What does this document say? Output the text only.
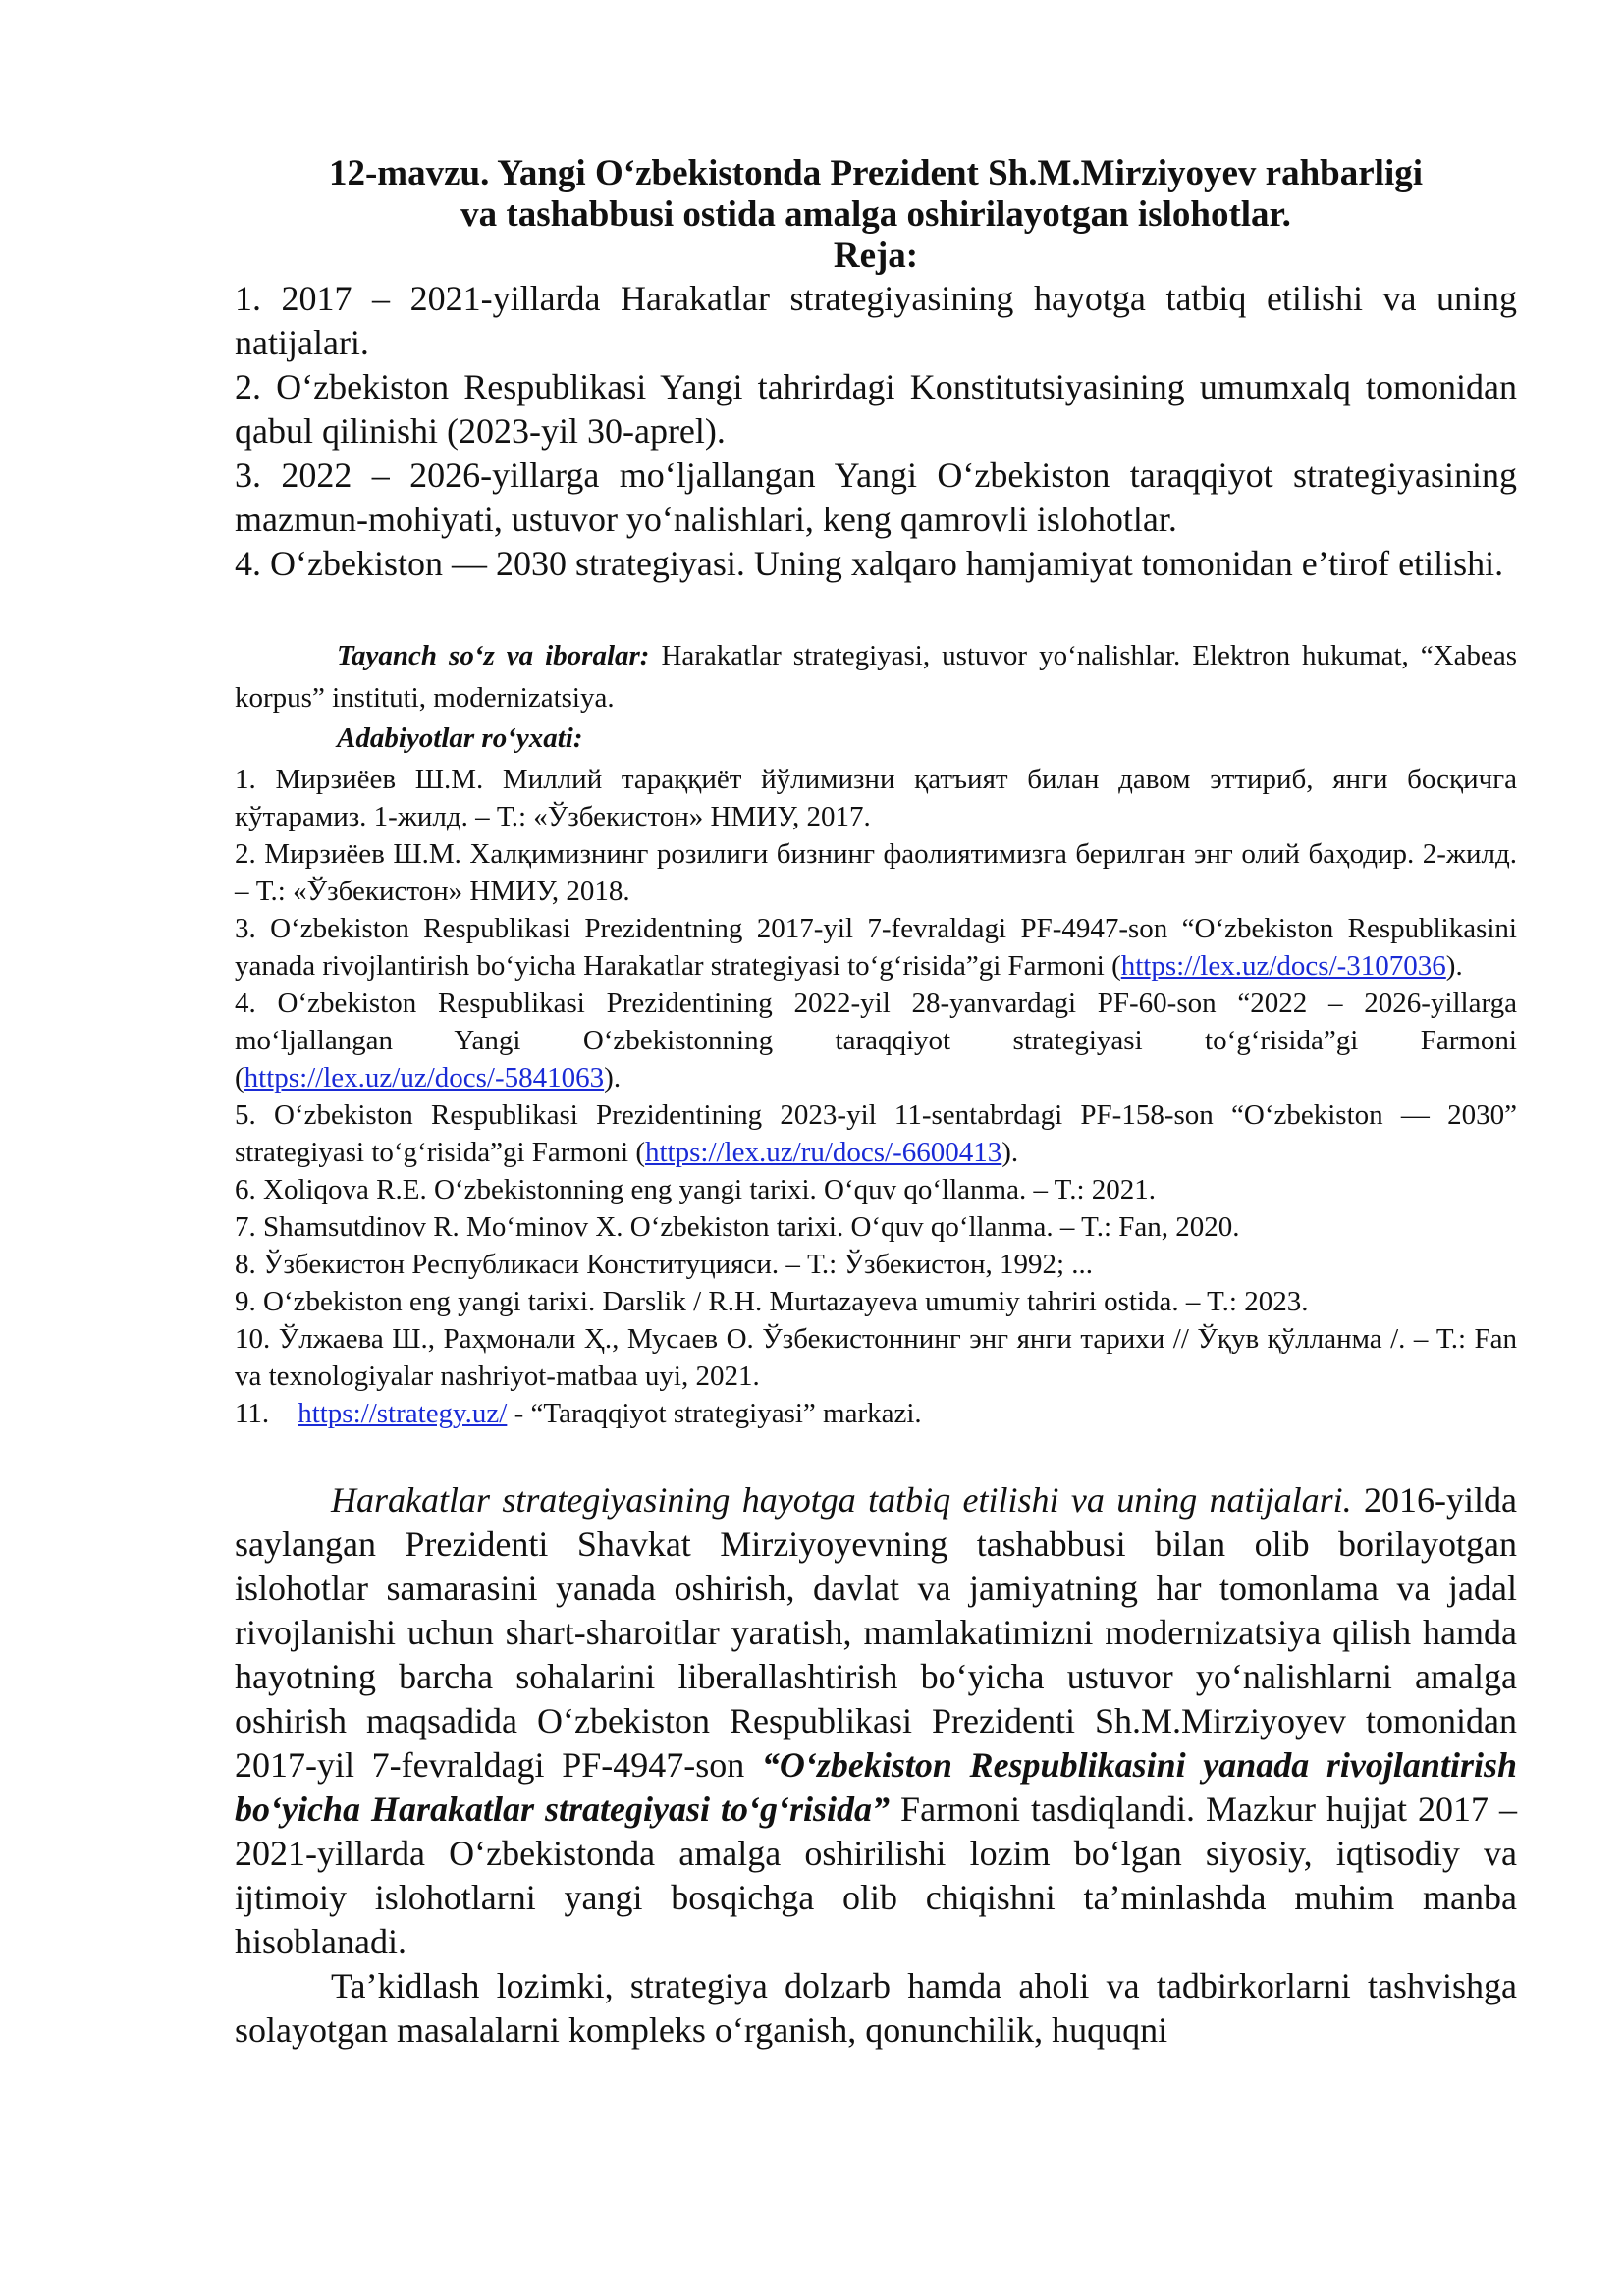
12-mavzu. Yangi O‘zbekistonda Prezident Sh.M.Mirziyoyev rahbarligi
va tashabbusi ostida amalga oshirilayotgan islohotlar.
Reja:
1. 2017 – 2021-yillarda Harakatlar strategiyasining hayotga tatbiq etilishi va uning natijalari.
2. O‘zbekiston Respublikasi Yangi tahrirdagi Konstitutsiyasining umumxalq tomonidan qabul qilinishi (2023-yil 30-aprel).
3. 2022 – 2026-yillarga mo‘ljallangan Yangi O‘zbekiston taraqqiyot strategiyasining mazmun-mohiyati, ustuvor yo‘nalishlari, keng qamrovli islohotlar.
4. O‘zbekiston — 2030 strategiyasi. Uning xalqaro hamjamiyat tomonidan e’tirof etilishi.
Tayanch so‘z va iboralar: Harakatlar strategiyasi, ustuvor yo‘nalishlar. Elektron hukumat, “Xabeas korpus” instituti, modernizatsiya.
Adabiyotlar ro‘yxati:
1. Мирзиёев Ш.М. Миллий тараққиёт йўлимизни қатъият билан давом эттириб, янги босқичга кўтарамиз. 1-жилд. – Т.: «Ўзбекистон» НМИУ, 2017.
2. Мирзиёев Ш.М. Халқимизнинг розилиги бизнинг фаолиятимизга берилган энг олий баҳодир. 2-жилд. – Т.: «Ўзбекистон» НМИУ, 2018.
3. O‘zbekiston Respublikasi Prezidentning 2017-yil 7-fevraldagi PF-4947-son “O‘zbekiston Respublikasini yanada rivojlantirish bo‘yicha Harakatlar strategiyasi to‘g‘risida”gi Farmoni (https://lex.uz/docs/-3107036).
4. O‘zbekiston Respublikasi Prezidentining 2022-yil 28-yanvardagi PF-60-son “2022 – 2026-yillarga mo‘ljallangan Yangi O‘zbekistonning taraqqiyot strategiyasi to‘g‘risida”gi Farmoni (https://lex.uz/uz/docs/-5841063).
5. O‘zbekiston Respublikasi Prezidentining 2023-yil 11-sentabrdagi PF-158-son “O‘zbekiston — 2030” strategiyasi to‘g‘risida”gi Farmoni (https://lex.uz/ru/docs/-6600413).
6. Xoliqova R.E. O‘zbekistonning eng yangi tarixi. O‘quv qo‘llanma. – T.: 2021.
7. Shamsutdinov R. Mo‘minov X. O‘zbekiston tarixi. O‘quv qo‘llanma. – T.: Fan, 2020.
8. Ўзбекистон Республикаси Конституцияси. – Т.: Ўзбекистон, 1992; ...
9. O‘zbekiston eng yangi tarixi. Darslik / R.H. Murtazayeva umumiy tahriri ostida. – T.: 2023.
10. Ўлжаева Ш., Раҳмонали Ҳ., Мусаев О. Ўзбекистоннинг энг янги тарихи // Ўқув қўлланма /. – Т.: Fan va texnologiyalar nashriyot-matbaa uyi, 2021.
11.    https://strategy.uz/ - “Taraqqiyot strategiyasi” markazi.

Harakatlar strategiyasining hayotga tatbiq etilishi va uning natijalari. 2016-yilda saylangan Prezidenti Shavkat Mirziyoyevning tashabbusi bilan olib borilayotgan islohotlar samarasini yanada oshirish, davlat va jamiyatning har tomonlama va jadal rivojlanishi uchun shart-sharoitlar yaratish, mamlakatimizni modernizatsiya qilish hamda hayotning barcha sohalarini liberallashtirish bo‘yicha ustuvor yo‘nalishlarni amalga oshirish maqsadida O‘zbekiston Respublikasi Prezidenti Sh.M.Mirziyoyev tomonidan 2017-yil 7-fevraldagi PF-4947-son “O‘zbekiston Respublikasini yanada rivojlantirish bo‘yicha Harakatlar strategiyasi to‘g‘risida” Farmoni tasdiqlandi. Mazkur hujjat 2017 – 2021-yillarda O‘zbekistonda amalga oshirilishi lozim bo‘lgan siyosiy, iqtisodiy va ijtimoiy islohotlarni yangi bosqichga olib chiqishni ta’minlashda muhim manba hisoblanadi.

Ta’kidlash lozimki, strategiya dolzarb hamda aholi va tadbirkorlarni tashvishga solayotgan masalalarni kompleks o‘rganish, qonunchilik, huquqni
